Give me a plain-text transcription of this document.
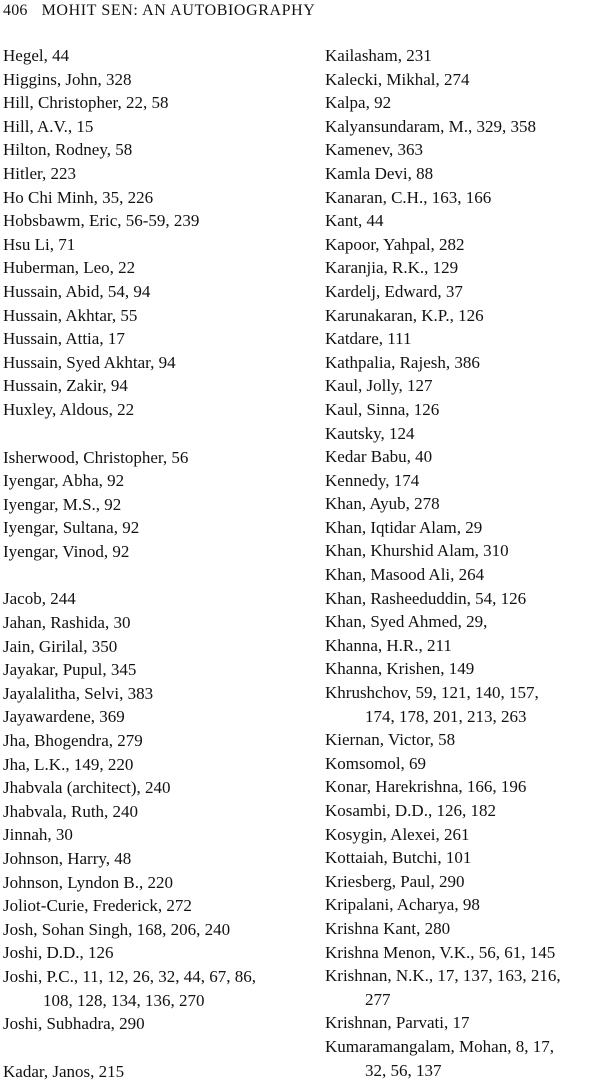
406 MOHIT SEN: AN AUTOBIOGRAPHY
Hegel, 44
Higgins, John, 328
Hill, Christopher, 22, 58
Hill, A.V., 15
Hilton, Rodney, 58
Hitler, 223
Ho Chi Minh, 35, 226
Hobsbawm, Eric, 56-59, 239
Hsu Li, 71
Huberman, Leo, 22
Hussain, Abid, 54, 94
Hussain, Akhtar, 55
Hussain, Attia, 17
Hussain, Syed Akhtar, 94
Hussain, Zakir, 94
Huxley, Aldous, 22
Isherwood, Christopher, 56
Iyengar, Abha, 92
Iyengar, M.S., 92
Iyengar, Sultana, 92
Iyengar, Vinod, 92
Jacob, 244
Jahan, Rashida, 30
Jain, Girilal, 350
Jayakar, Pupul, 345
Jayalalitha, Selvi, 383
Jayawardene, 369
Jha, Bhogendra, 279
Jha, L.K., 149, 220
Jhabvala (architect), 240
Jhabvala, Ruth, 240
Jinnah, 30
Johnson, Harry, 48
Johnson, Lyndon B., 220
Joliot-Curie, Frederick, 272
Josh, Sohan Singh, 168, 206, 240
Joshi, D.D., 126
Joshi, P.C., 11, 12, 26, 32, 44, 67, 86,
108, 128, 134, 136, 270
Joshi, Subhadra, 290
Kadar, Janos, 215
Kailasham, 231
Kalecki, Mikhal, 274
Kalpa, 92
Kalyansundaram, M., 329, 358
Kamenev, 363
Kamla Devi, 88
Kanaran, C.H., 163, 166
Kant, 44
Kapoor, Yahpal, 282
Karanjia, R.K., 129
Kardelj, Edward, 37
Karunakaran, K.P., 126
Katdare, 111
Kathpalia, Rajesh, 386
Kaul, Jolly, 127
Kaul, Sinna, 126
Kautsky, 124
Kedar Babu, 40
Kennedy, 174
Khan, Ayub, 278
Khan, Iqtidar Alam, 29
Khan, Khurshid Alam, 310
Khan, Masood Ali, 264
Khan, Rasheeduddin, 54, 126
Khan, Syed Ahmed, 29,
Khanna, H.R., 211
Khanna, Krishen, 149
Khrushchov, 59, 121, 140, 157,
174, 178, 201, 213, 263
Kiernan, Victor, 58
Komsomol, 69
Konar, Harekrishna, 166, 196
Kosambi, D.D., 126, 182
Kosygin, Alexei, 261
Kottaiah, Butchi, 101
Kriesberg, Paul, 290
Kripalani, Acharya, 98
Krishna Kant, 280
Krishna Menon, V.K., 56, 61, 145
Krishnan, N.K., 17, 137, 163, 216,
277
Krishnan, Parvati, 17
Kumaramangalam, Mohan, 8, 17,
32, 56, 137
